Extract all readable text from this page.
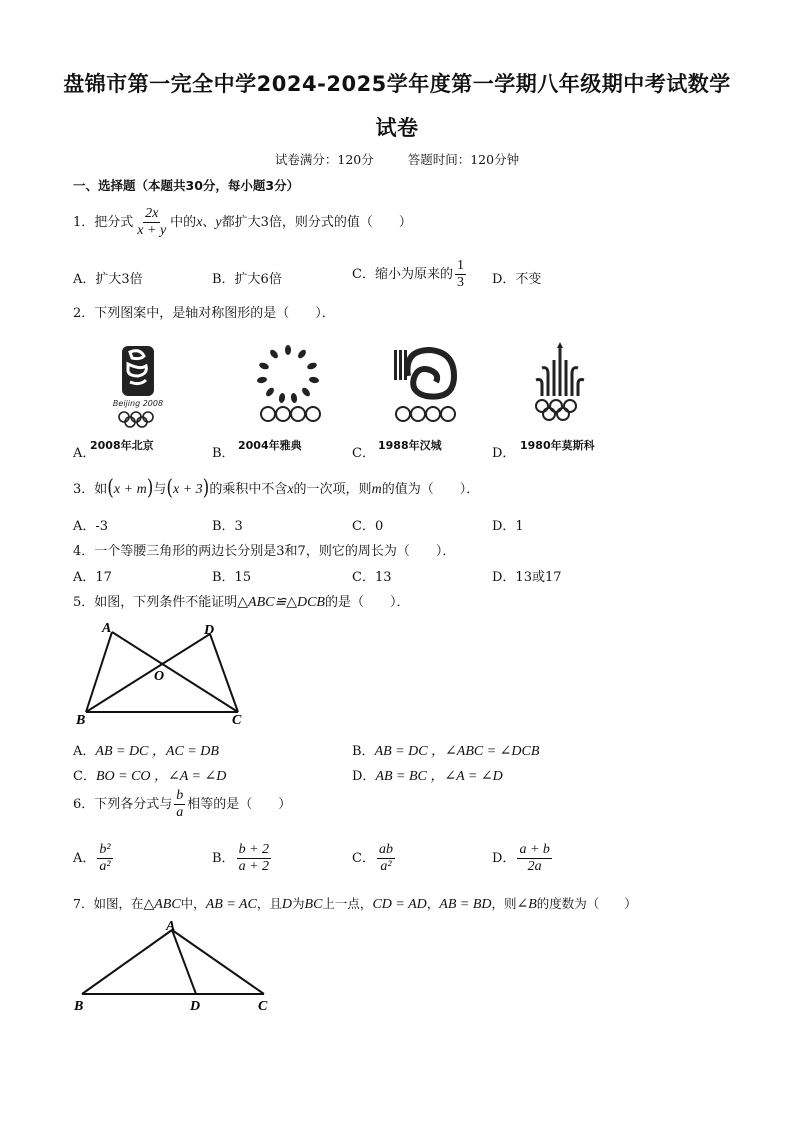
盘锦市第一完全中学2024-2025学年度第一学期八年级期中考试数学
试卷
试卷满分：120分	答题时间：120分钟
一、选择题（本题共30分，每小题3分）
1．把分式 $\frac{2x}{x + y}$ 中的x、y都扩大3倍，则分式的值（　　）
A．扩大3倍	B．扩大6倍	C．缩小为原来的 $\frac{1}{3}$ D．不变
2．下列图案中，是轴对称图形的是（　　）．
A．
Beijing 2008
2008年北京
B．
2004年雅典
C．
1988年汉城
D．
1980年莫斯科
3．如(x + m)与(x + 3)的乘积中不含x的一次项，则m的值为（　　）．
A．-3	B．3	C．0	D．1
4．一个等腰三角形的两边长分别是3和7，则它的周长为（　　）．
A．17	B．15	C．13	D．13或17
5．如图，下列条件不能证明△ABC≌△DCB的是（　　）．
A	D
O
B	C
A．AB = DC ，AC = DB	B．AB = DC ，∠ABC = ∠DCB
C．BO = CO ，∠A = ∠D	D．AB = BC ，∠A = ∠D
6．下列各分式与 $\frac{b}{a}$ 相等的是（　　）
A． $\frac{\text{b²}}{\text{a²}}$	B． $\frac{b + 2}{a + 2}$	C． $\frac{ab}{\text{a²}}$	D． $\frac{a + b}{2a}$
7．如图，在△ABC中，AB = AC，且D为BC上一点，CD = AD，AB = BD，则∠B的度数为（　　）
A
B	D	C
